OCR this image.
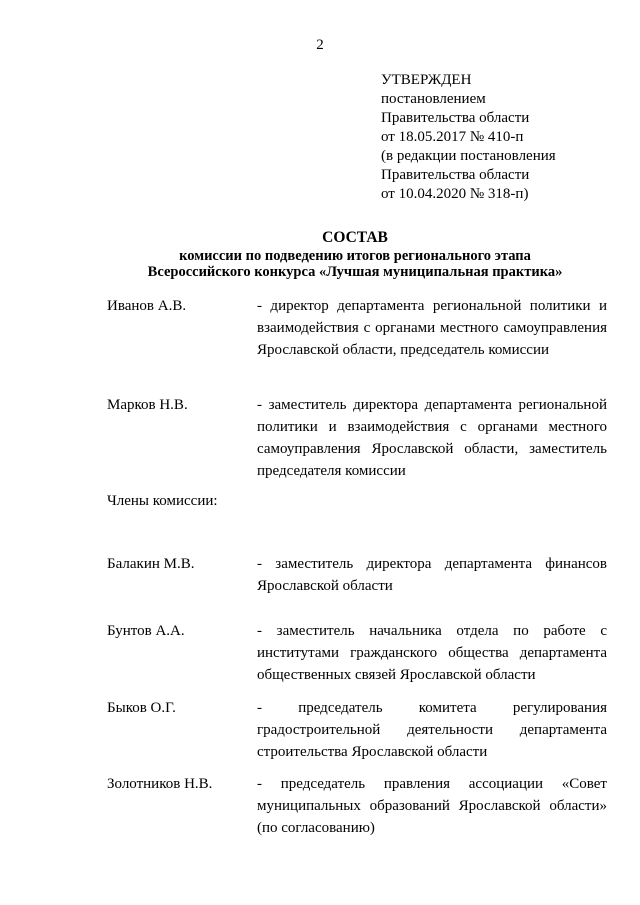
2
УТВЕРЖДЕН
постановлением
Правительства области
от 18.05.2017 № 410-п
(в редакции постановления
Правительства области
от 10.04.2020 № 318-п)
СОСТАВ
комиссии по подведению итогов регионального этапа
Всероссийского конкурса «Лучшая муниципальная практика»
Иванов А.В.	- директор департамента региональной политики и взаимодействия с органами местного самоуправления Ярославской области, председатель комиссии
Марков Н.В.	- заместитель директора департамента региональной политики и взаимодействия с органами местного самоуправления Ярославской области, заместитель председателя комиссии
Члены комиссии:
Балакин М.В.	- заместитель директора департамента финансов Ярославской области
Бунтов А.А.	- заместитель начальника отдела по работе с институтами гражданского общества департамента общественных связей Ярославской области
Быков О.Г.	- председатель комитета регулирования градостроительной деятельности департамента строительства Ярославской области
Золотников Н.В.	- председатель правления ассоциации «Совет муниципальных образований Ярославской области» (по согласованию)
